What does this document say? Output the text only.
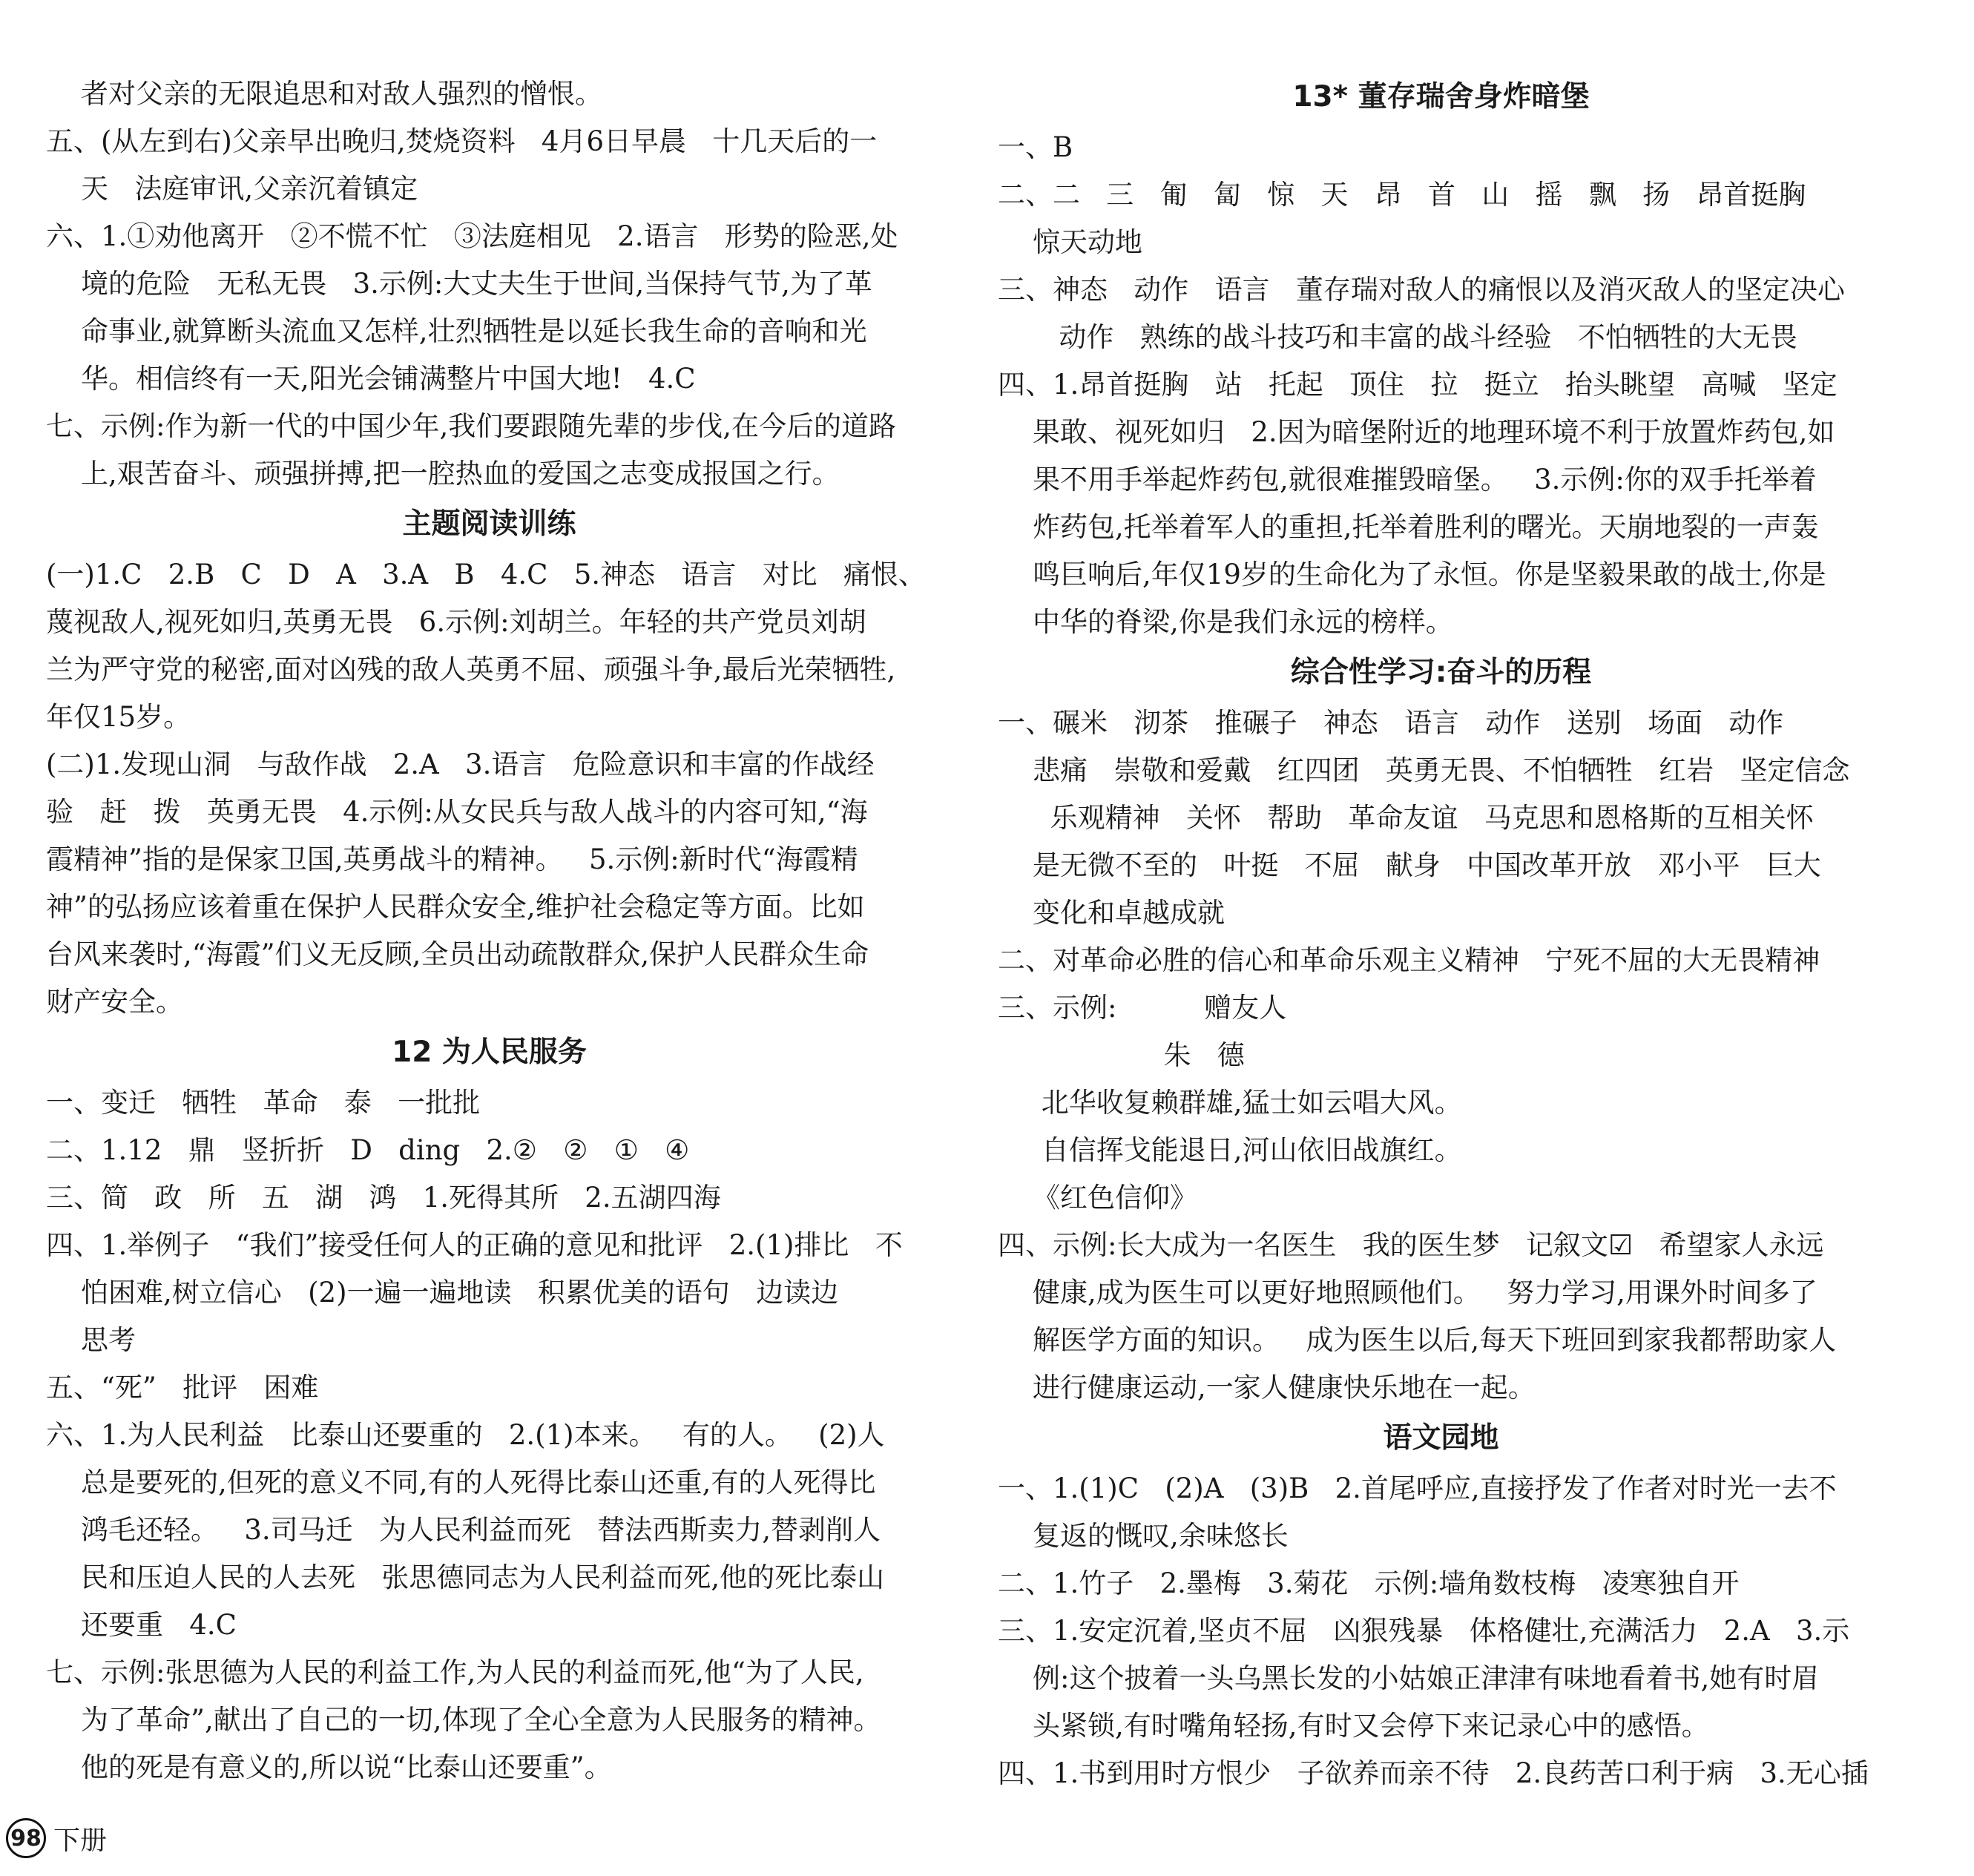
者对父亲的无限追思和对敌人强烈的憎恨。
五、(从左到右)父亲早出晚归,焚烧资料   4月6日早晨   十几天后的一
天   法庭审讯,父亲沉着镇定
六、1.①劝他离开   ②不慌不忙   ③法庭相见   2.语言   形势的险恶,处
境的危险   无私无畏   3.示例:大丈夫生于世间,当保持气节,为了革
命事业,就算断头流血又怎样,壮烈牺牲是以延长我生命的音响和光
华。相信终有一天,阳光会铺满整片中国大地!   4.C
七、示例:作为新一代的中国少年,我们要跟随先辈的步伐,在今后的道路
上,艰苦奋斗、顽强拼搏,把一腔热血的爱国之志变成报国之行。
主题阅读训练
(一)1.C   2.B   C   D   A   3.A   B   4.C   5.神态   语言   对比   痛恨、
蔑视敌人,视死如归,英勇无畏   6.示例:刘胡兰。年轻的共产党员刘胡
兰为严守党的秘密,面对凶残的敌人英勇不屈、顽强斗争,最后光荣牺牲,
年仅15岁。
(二)1.发现山洞   与敌作战   2.A   3.语言   危险意识和丰富的作战经
验   赶   拨   英勇无畏   4.示例:从女民兵与敌人战斗的内容可知,“海
霞精神”指的是保家卫国,英勇战斗的精神。   5.示例:新时代“海霞精
神”的弘扬应该着重在保护人民群众安全,维护社会稳定等方面。比如
台风来袭时,“海霞”们义无反顾,全员出动疏散群众,保护人民群众生命
财产安全。
12 为人民服务
一、变迁   牺牲   革命   泰   一批批
二、1.12   鼎   竖折折   D   ding   2.②   ②   ①   ④
三、简   政   所   五   湖   鸿   1.死得其所   2.五湖四海
四、1.举例子   “我们”接受任何人的正确的意见和批评   2.(1)排比   不
怕困难,树立信心   (2)一遍一遍地读   积累优美的语句   边读边
思考
五、“死”   批评   困难
六、1.为人民利益   比泰山还要重的   2.(1)本来。   有的人。   (2)人
总是要死的,但死的意义不同,有的人死得比泰山还重,有的人死得比
鸿毛还轻。   3.司马迁   为人民利益而死   替法西斯卖力,替剥削人
民和压迫人民的人去死   张思德同志为人民利益而死,他的死比泰山
还要重   4.C
七、示例:张思德为人民的利益工作,为人民的利益而死,他“为了人民,
为了革命”,献出了自己的一切,体现了全心全意为人民服务的精神。
他的死是有意义的,所以说“比泰山还要重”。
13* 董存瑞舍身炸暗堡
一、B
二、二   三   匍   匐   惊   天   昂   首   山   摇   飘   扬   昂首挺胸
惊天动地
三、神态   动作   语言   董存瑞对敌人的痛恨以及消灭敌人的坚定决心
动作   熟练的战斗技巧和丰富的战斗经验   不怕牺牲的大无畏
四、1.昂首挺胸   站   托起   顶住   拉   挺立   抬头眺望   高喊   坚定
果敢、视死如归   2.因为暗堡附近的地理环境不利于放置炸药包,如
果不用手举起炸药包,就很难摧毁暗堡。   3.示例:你的双手托举着
炸药包,托举着军人的重担,托举着胜利的曙光。天崩地裂的一声轰
鸣巨响后,年仅19岁的生命化为了永恒。你是坚毅果敢的战士,你是
中华的脊梁,你是我们永远的榜样。
综合性学习:奋斗的历程
一、碾米   沏茶   推碾子   神态   语言   动作   送别   场面   动作
悲痛   崇敬和爱戴   红四团   英勇无畏、不怕牺牲   红岩   坚定信念
乐观精神   关怀   帮助   革命友谊   马克思和恩格斯的互相关怀
是无微不至的   叶挺   不屈   献身   中国改革开放   邓小平   巨大
变化和卓越成就
二、对革命必胜的信心和革命乐观主义精神   宁死不屈的大无畏精神
三、示例:          赠友人
朱   德
北华收复赖群雄,猛士如云唱大风。
自信挥戈能退日,河山依旧战旗红。
《红色信仰》
四、示例:长大成为一名医生   我的医生梦   记叙文☑   希望家人永远
健康,成为医生可以更好地照顾他们。   努力学习,用课外时间多了
解医学方面的知识。   成为医生以后,每天下班回到家我都帮助家人
进行健康运动,一家人健康快乐地在一起。
语文园地
一、1.(1)C   (2)A   (3)B   2.首尾呼应,直接抒发了作者对时光一去不
复返的慨叹,余味悠长
二、1.竹子   2.墨梅   3.菊花   示例:墙角数枝梅   凌寒独自开
三、1.安定沉着,坚贞不屈   凶狠残暴   体格健壮,充满活力   2.A   3.示
例:这个披着一头乌黑长发的小姑娘正津津有味地看着书,她有时眉
头紧锁,有时嘴角轻扬,有时又会停下来记录心中的感悟。
四、1.书到用时方恨少   子欲养而亲不待   2.良药苦口利于病   3.无心插
98 下册
